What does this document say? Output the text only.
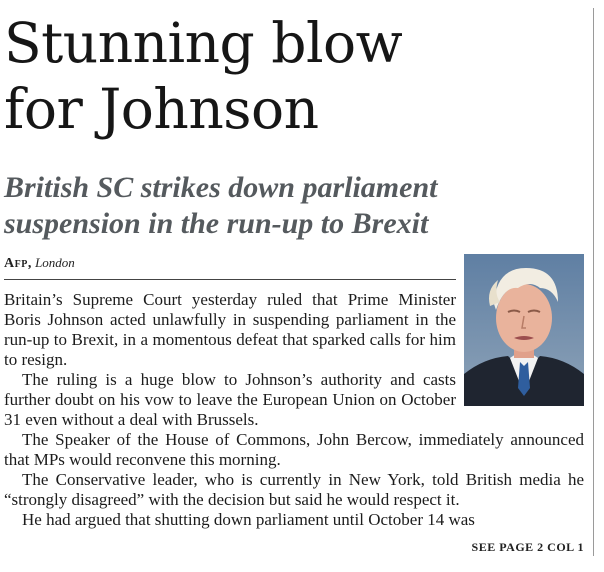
Stunning blow
for Johnson
British SC strikes down parliament
suspension in the run-up to Brexit
Afp, London

Britain’s Supreme Court yesterday ruled that Prime Minister Boris Johnson acted unlawfully in suspending parliament in the run-up to Brexit, in a momentous defeat that sparked calls for him to resign.

The ruling is a huge blow to Johnson’s authority and casts further doubt on his vow to leave the European Union on October 31 even without a deal with Brussels.

The Speaker of the House of Commons, John Bercow, immediately announced that MPs would reconvene this morning.

The Conservative leader, who is currently in New York, told British media he “strongly disagreed” with the decision but said he would respect it.

He had argued that shutting down parliament until October 14 was

SEE PAGE 2 COL 1
